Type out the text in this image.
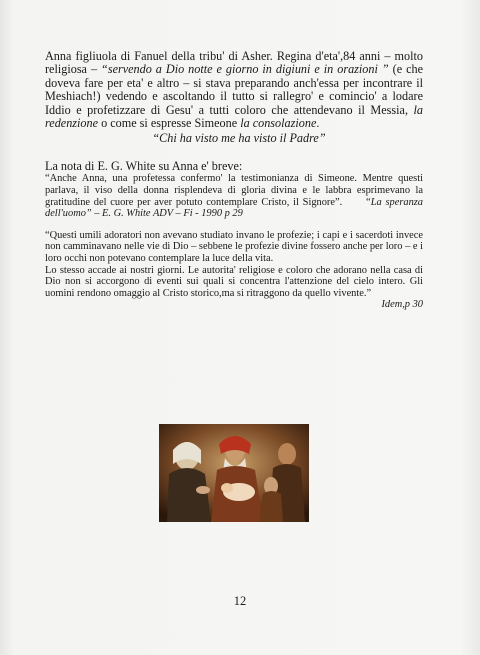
Anna figliuola di Fanuel della tribu' di Asher. Regina d'eta',84 anni – molto religiosa – “servendo a Dio notte e giorno in digiuni e in orazioni ” (e che doveva fare per eta' e altro – si stava preparando anch'essa per incontrare il Meshiach!) vedendo e ascoltando il tutto si rallegro' e comincio' a lodare Iddio e profetizzare di Gesu' a tutti coloro che attendevano il Messia, la redenzione o come si espresse Simeone la consolazione.

“Chi ha visto me ha visto il Padre”

La nota di E. G. White su Anna e' breve:

“Anche Anna, una profetessa confermo' la testimonianza di Simeone. Mentre questi parlava, il viso della donna risplendeva di gloria divina e le labbra esprimevano la gratitudine del cuore per aver potuto contemplare Cristo, il Signore”. “La speranza dell'uomo” – E. G. White ADV – Fi - 1990 p 29

“Questi umili adoratori non avevano studiato invano le profezie; i capi e i sacerdoti invece non camminavano nelle vie di Dio – sebbene le profezie divine fossero anche per loro – e i loro occhi non potevano contemplare la luce della vita.
Lo stesso accade ai nostri giorni. Le autorita' religiose e coloro che adorano nella casa di Dio non si accorgono di eventi sui quali si concentra l'attenzione del cielo intero. Gli uomini rendono omaggio al Cristo storico,ma si ritraggono da quello vivente.”
Idem,p 30

12
